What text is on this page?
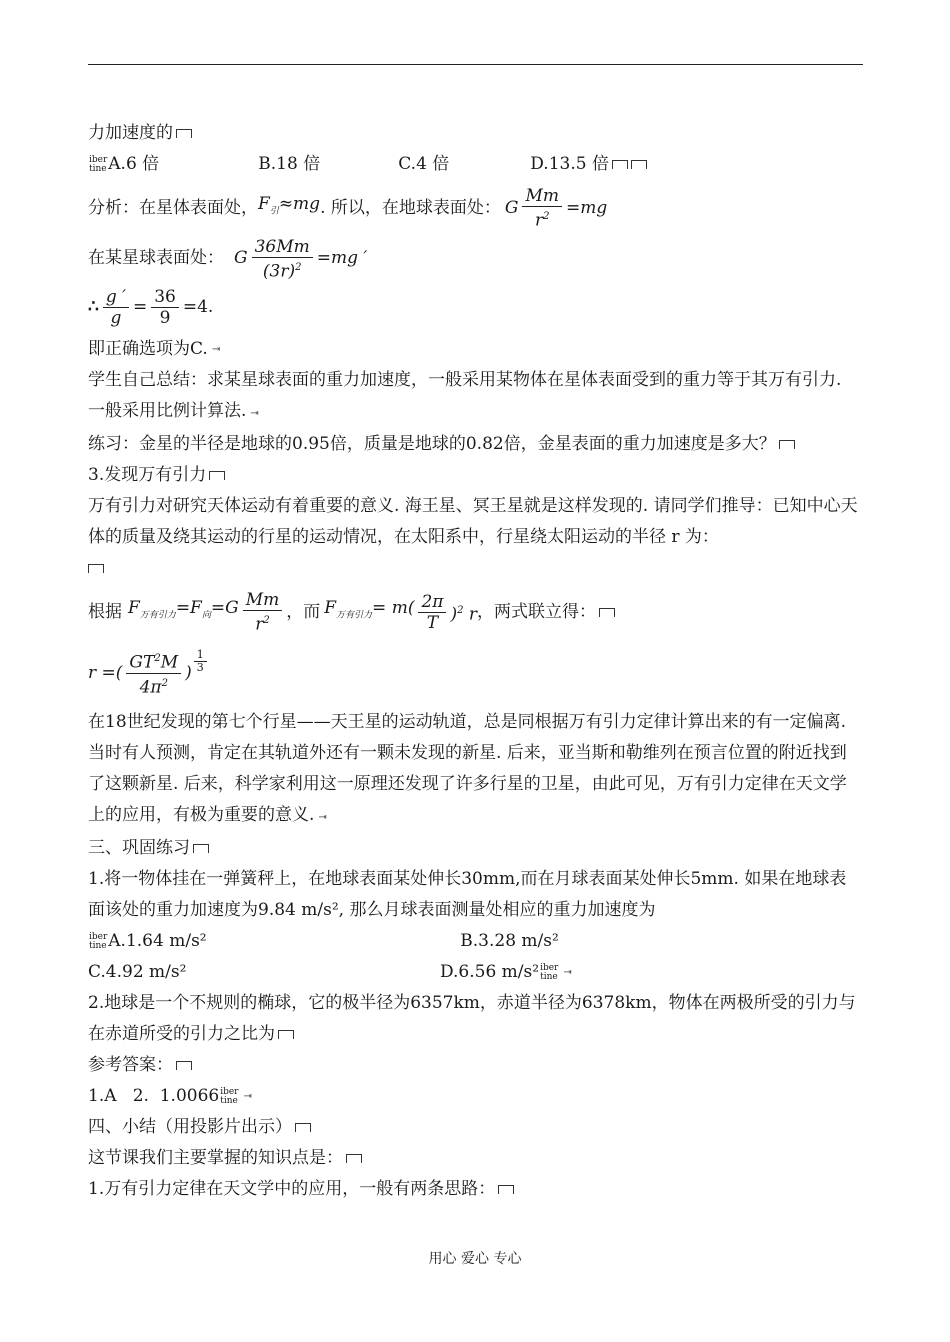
力加速度的
iber
tine A.6 倍	B.18 倍	C.4 倍	D.13.5 倍
分析：在星体表面处， $F_引\approx mg$ . 所以，在地球表面处： G $\frac{Mm}{r^2} =mg$
在某星球表面处： G $\frac{36Mm}{(3r)^2} =mg$ ′
∴ $\frac{g '}{g} = \frac{36}{9} =4$.
即正确选项为C. ⇥
学生自己总结：求某星球表面的重力加速度，一般采用某物体在星体表面受到的重力等于其万有引力. 一般采用比例计算法. ⇥
练习：金星的半径是地球的0.95倍，质量是地球的0.82倍，金星表面的重力加速度是多大？
3.发现万有引力
万有引力对研究天体运动有着重要的意义. 海王星、冥王星就是这样发现的. 请同学们推导：已知中心天体的质量及绕其运动的行星的运动情况，在太阳系中，行星绕太阳运动的半径 r 为：

根据 $F_{万有引力}=F_向=G \frac{Mm}{r^2}$ ，而 $F_{万有引力}= m( \frac{2\pi}{T} )^2$ r ，两式联立得：
r =( $\frac{GT^2M}{4\pi^2}$ ) $\frac{1}{3}$
在18世纪发现的第七个行星——天王星的运动轨道，总是同根据万有引力定律计算出来的有一定偏离. 当时有人预测，肯定在其轨道外还有一颗未发现的新星. 后来，亚当斯和勒维列在预言位置的附近找到了这颗新星. 后来，科学家利用这一原理还发现了许多行星的卫星，由此可见，万有引力定律在天文学上的应用，有极为重要的意义. ⇥
三、巩固练习
1.将一物体挂在一弹簧秤上，在地球表面某处伸长30mm,而在月球表面某处伸长5mm. 如果在地球表面该处的重力加速度为9.84 m/s², 那么月球表面测量处相应的重力加速度为
iber
tine A.1.64 m/s²	B.3.28 m/s²
C.4.92 m/s²	D.6.56 m/s² iber
tine ⇥
2.地球是一个不规则的椭球，它的极半径为6357km，赤道半径为6378km，物体在两极所受的引力与在赤道所受的引力之比为
参考答案：
1.A   2.  1.0066 iber
tine ⇥
四、小结（用投影片出示）
这节课我们主要掌握的知识点是：
1.万有引力定律在天文学中的应用，一般有两条思路：
用心 爱心 专心
